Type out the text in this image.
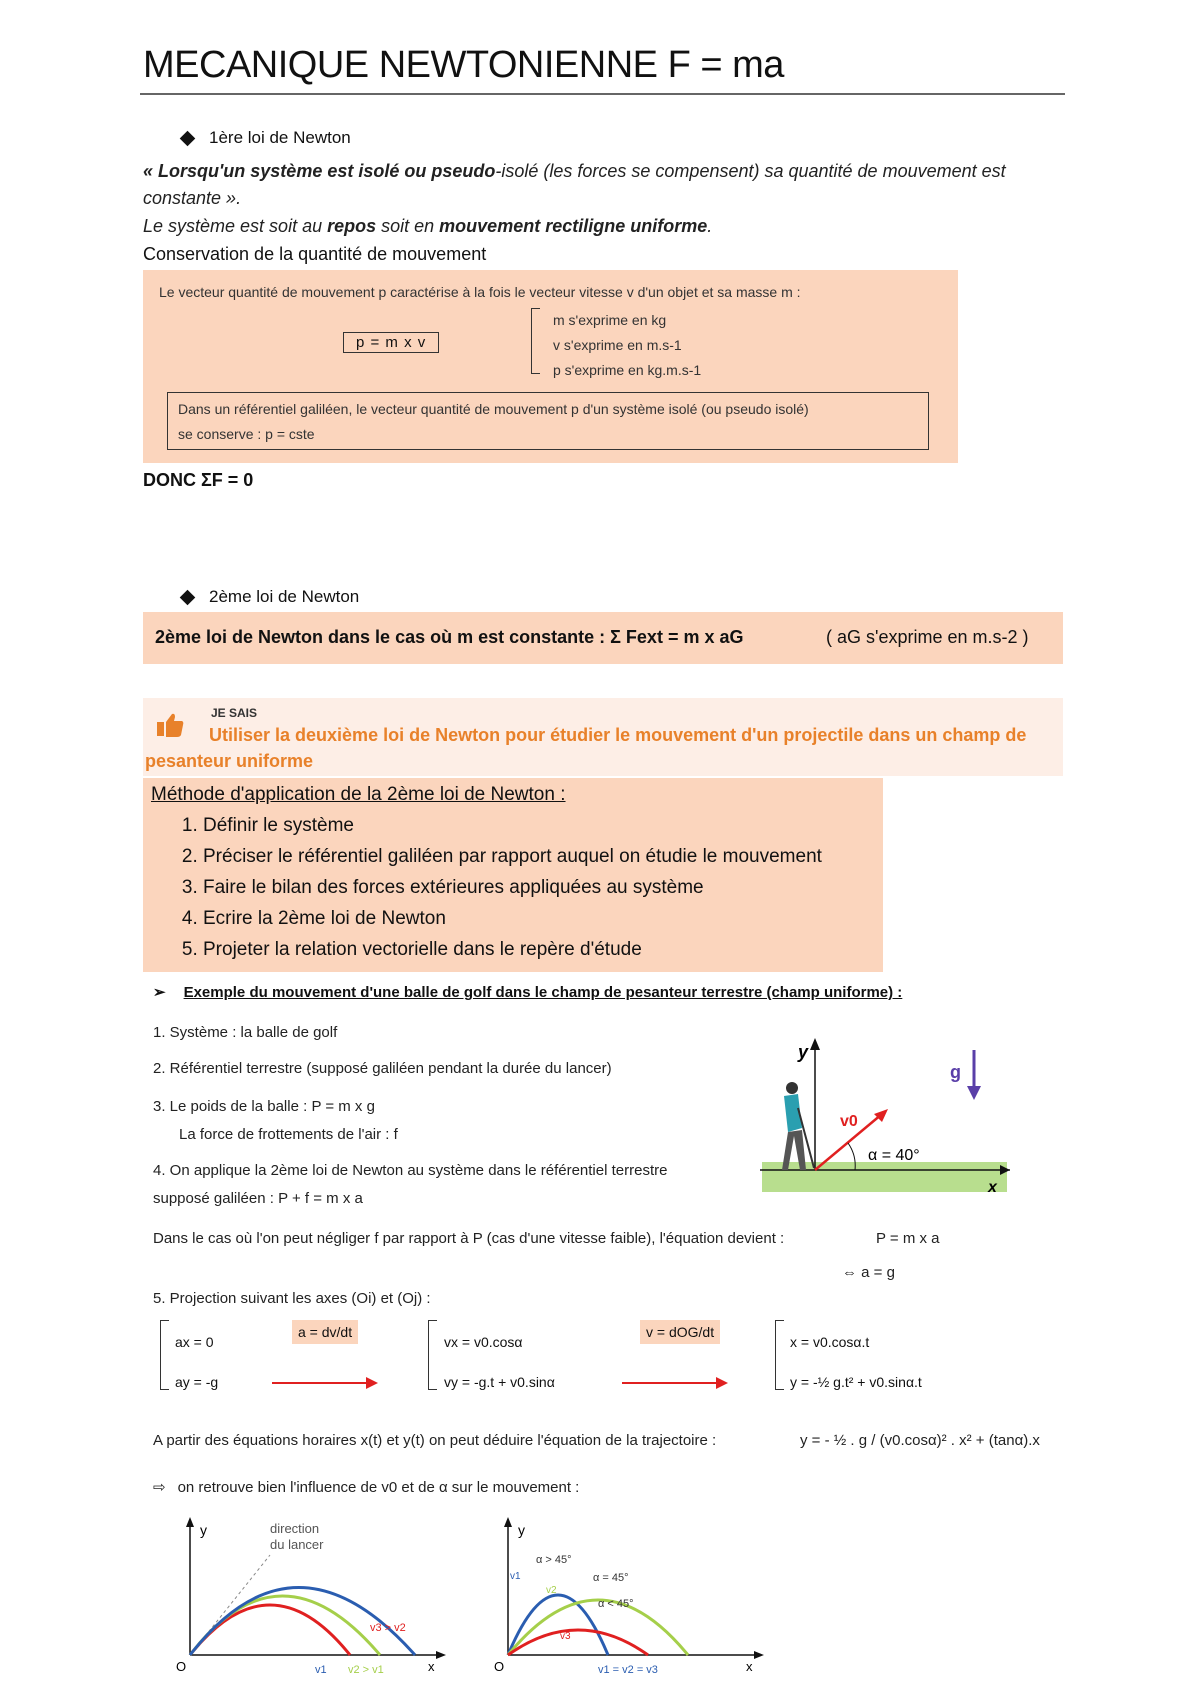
MECANIQUE NEWTONIENNE F = ma
1ère loi de Newton
« Lorsqu'un système est isolé ou pseudo-isolé (les forces se compensent) sa quantité de mouvement est constante ».
Le système est soit au repos soit en mouvement rectiligne uniforme.
Conservation de la quantité de mouvement
Le vecteur quantité de mouvement p caractérise à la fois le vecteur vitesse v d'un objet et sa masse m :
p = m x v
m s'exprime en kg
v s'exprime en m.s-1
p s'exprime en kg.m.s-1
Dans un référentiel galiléen, le vecteur quantité de mouvement p d'un système isolé (ou pseudo isolé)
se conserve : p = cste
DONC ΣF = 0
2ème loi de Newton
2ème loi de Newton dans le cas où m est constante : Σ Fext = m x aG	( aG s'exprime en m.s-2 )
JE SAIS
Utiliser la deuxième loi de Newton pour étudier le mouvement d'un projectile dans un champ de pesanteur uniforme
Méthode d'application de la 2ème loi de Newton :
1. Définir le système
2. Préciser le référentiel galiléen par rapport auquel on étudie le mouvement
3. Faire le bilan des forces extérieures appliquées au système
4. Ecrire la 2ème loi de Newton
5. Projeter la relation vectorielle dans le repère d'étude
➢ Exemple du mouvement d'une balle de golf dans le champ de pesanteur terrestre (champ uniforme) :
1. Système : la balle de golf
2. Référentiel terrestre (supposé galiléen pendant la durée du lancer)
3. Le poids de la balle : P = m x g
La force de frottements de l'air : f
4. On applique la 2ème loi de Newton au système dans le référentiel terrestre
supposé galiléen : P + f = m x a
Dans le cas où l'on peut négliger f par rapport à P (cas d'une vitesse faible), l'équation devient :	P = m x a
⇔ a = g
5. Projection suivant les axes (Oi) et (Oj) :
y
x
v0
g
α = 40°
ax = 0
ay = -g
a = dv/dt
vx = v0.cosα
vy = -g.t + v0.sinα
v = dOG/dt
x = v0.cosα.t
y = -½ g.t² + v0.sinα.t
A partir des équations horaires x(t) et y(t) on peut déduire l'équation de la trajectoire :	y = - ½ . g / (v0.cosα)² . x² + (tanα).x
⇨ on retrouve bien l'influence de v0 et de α sur le mouvement :
y
x
O
direction
du lancer
v3 > v2
v1 v2 > v1
y
x
O
α > 45°
α = 45°
α < 45°
v1 = v2 = v3
v1
v2
v3
